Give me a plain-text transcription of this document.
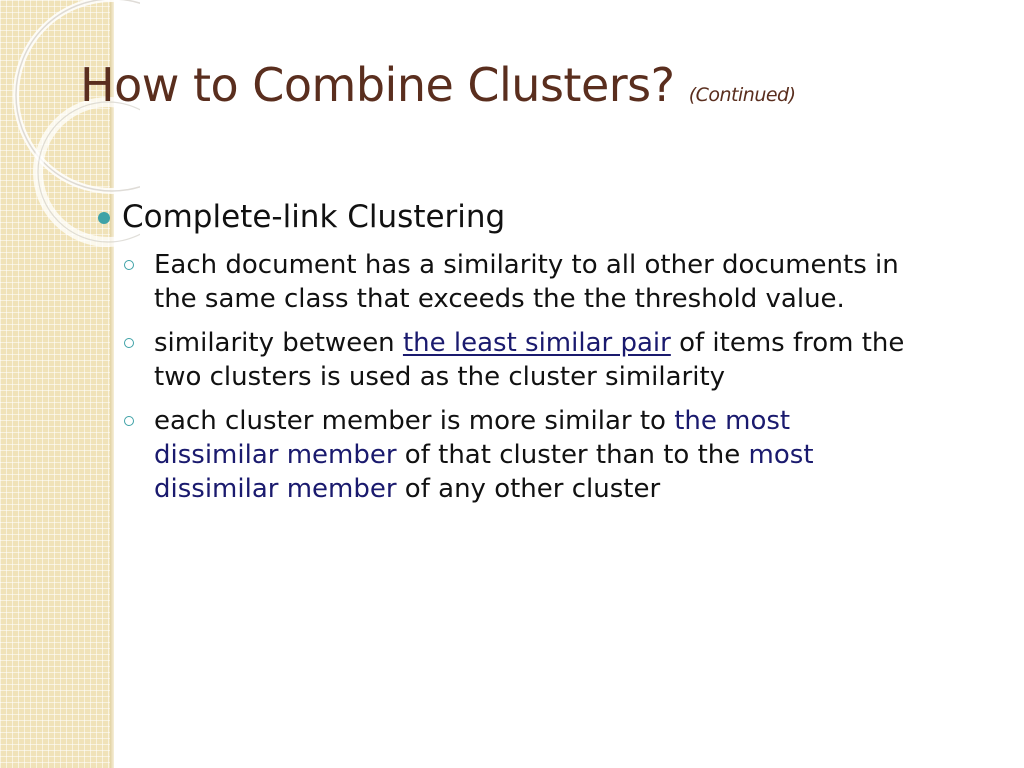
How to Combine Clusters? (Continued)
Complete-link Clustering
Each document has a similarity to all other documents in the same class that exceeds the the threshold value.
similarity between the least similar pair of items from the two clusters is used as the cluster similarity
each cluster member is more similar to the most dissimilar member of that cluster than to the most dissimilar member of any other cluster
